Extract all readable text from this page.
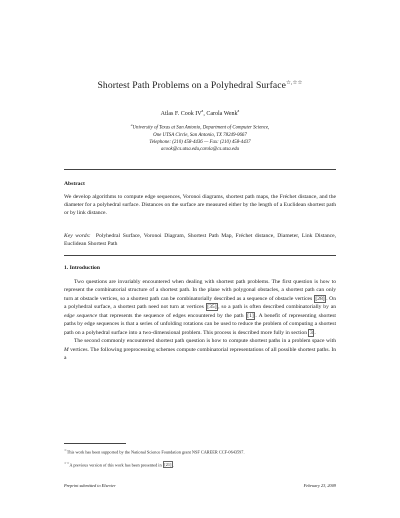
Shortest Path Problems on a Polyhedral Surface☆,☆☆
Atlas F. Cook $IV^a$, Carola Wenk$^a$
$^a$University of Texas at San Antonio, Department of Computer Science,
One UTSA Circle, San Antonio, TX 78249-0667
Telephone: (210) 458-4436 — Fax: (210) 458-4437
acook@cs.utsa.edu,carola@cs.utsa.edu
Abstract
We develop algorithms to compute edge sequences, Voronoi diagrams, shortest path maps, the Fréchet distance, and the diameter for a polyhedral surface. Distances on the surface are measured either by the length of a Euclidean shortest path or by link distance.
Key words: Polyhedral Surface, Voronoi Diagram, Shortest Path Map, Fréchet distance, Diameter, Link Distance, Euclidean Shortest Path
1. Introduction

Two questions are invariably encountered when dealing with shortest path problems. The first question is how to represent the combinatorial structure of a shortest path. In the plane with polygonal obstacles, a shortest path can only turn at obstacle vertices, so a shortest path can be combinatorially described as a sequence of obstacle vertices [28] . On a polyhedral surface, a shortest path need not turn at vertices [35] , so a path is often described combinatorially by an edge sequence that represents the sequence of edges encountered by the path [1] . A benefit of representing shortest paths by edge sequences is that a series of unfolding rotations can be used to reduce the problem of computing a shortest path on a polyhedral surface into a two-dimensional problem. This process is described more fully in section 3 .

The second commonly encountered shortest path question is how to compute shortest paths in a problem space with M vertices. The following preprocessing schemes compute combinatorial representations of all possible shortest paths. In a

☆This work has been supported by the National Science Foundation grant NSF CAREER CCF-0643597.
☆☆A previous version of this work has been presented in [21] .
Preprint submitted to Elsevier	February 23, 2009
